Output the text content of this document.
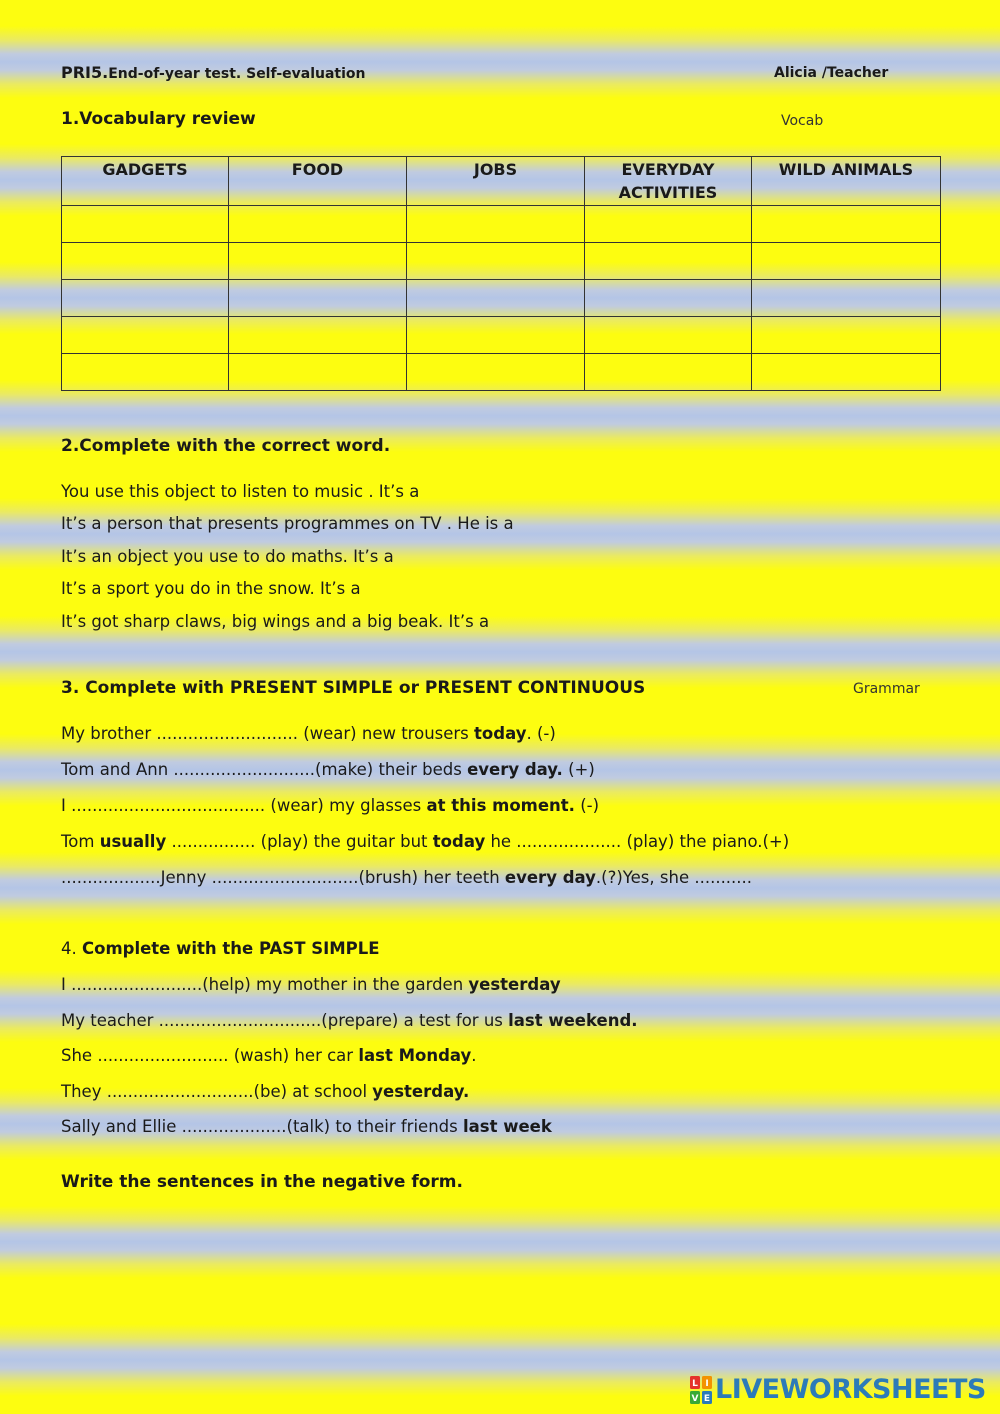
PRI5.End-of-year test. Self-evaluation	Alicia /Teacher
1.Vocabulary review	Vocab
GADGETS	FOOD	JOBS	EVERYDAY ACTIVITIES	WILD ANIMALS

2.Complete with the correct word.
You use this object to listen to music . It’s a
It’s a person that presents programmes on TV . He is a
It’s an object you use to do maths. It’s a
It’s a sport you do in the snow. It’s a
It’s got sharp claws, big wings and a big beak. It’s a
3. Complete with PRESENT SIMPLE or PRESENT CONTINUOUS	Grammar
My brother ........................... (wear) new trousers today. (-)
Tom and Ann ...........................(make) their beds every day. (+)
I ..................................... (wear) my glasses at this moment. (-)
Tom usually ................ (play) the guitar but today he .................... (play) the piano.(+)
...................Jenny ............................(brush) her teeth every day.(?)Yes, she ...........
4. Complete with the PAST SIMPLE
I .........................(help) my mother in the garden yesterday
My teacher ...............................(prepare) a test for us last weekend.
She ......................... (wash) her car last Monday.
They ............................(be) at school yesterday.
Sally and Ellie ....................(talk) to their friends last week
Write the sentences in the negative form.
L I
V E LIVEWORKSHEETS
